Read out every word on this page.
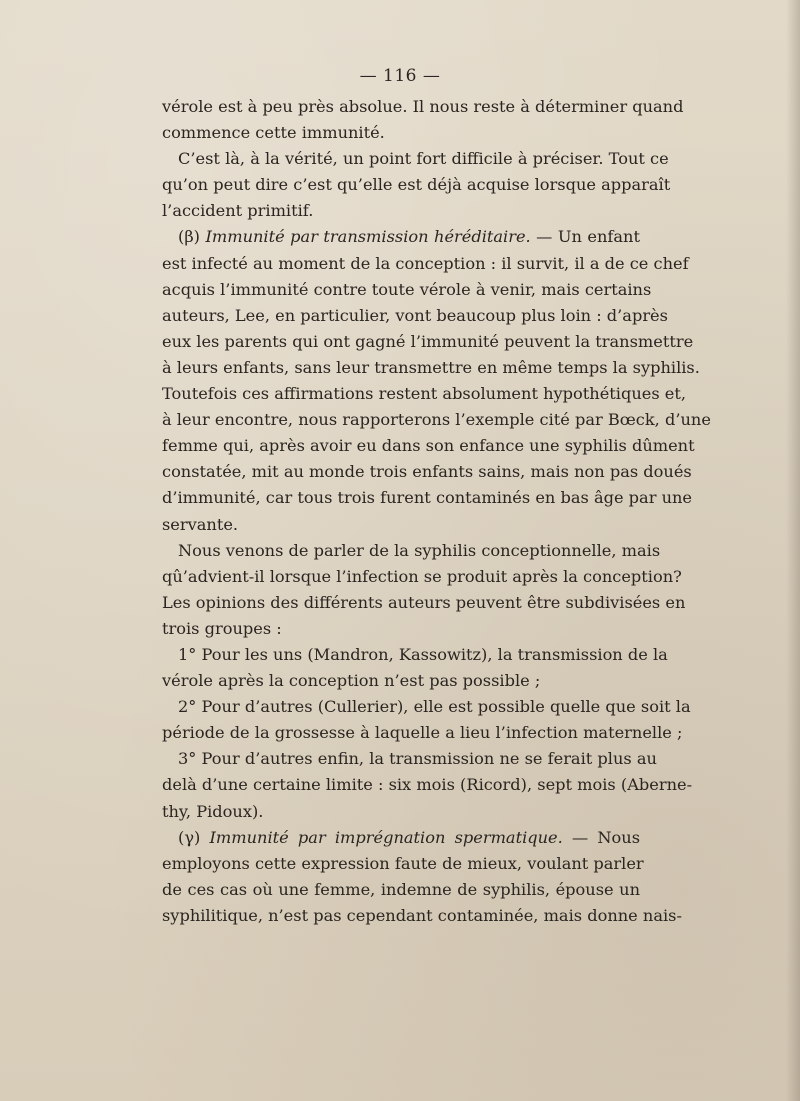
— 116 —
vérole est à peu près absolue. Il nous reste à déterminer quand
commence cette immunité.
C’est là, à la vérité, un point fort difficile à préciser. Tout ce
qu’on peut dire c’est qu’elle est déjà acquise lorsque apparaît
l’accident primitif.
(β) Immunité par transmission héréditaire. — Un enfant
est infecté au moment de la conception : il survit, il a de ce chef
acquis l’immunité contre toute vérole à venir, mais certains
auteurs, Lee, en particulier, vont beaucoup plus loin : d’après
eux les parents qui ont gagné l’immunité peuvent la transmettre
à leurs enfants, sans leur transmettre en même temps la syphilis.
Toutefois ces affirmations restent absolument hypothétiques et,
à leur encontre, nous rapporterons l’exemple cité par Bœck, d’une
femme qui, après avoir eu dans son enfance une syphilis dûment
constatée, mit au monde trois enfants sains, mais non pas doués
d’immunité, car tous trois furent contaminés en bas âge par une
servante.
Nous venons de parler de la syphilis conceptionnelle, mais
qû’advient-il lorsque l’infection se produit après la conception?
Les opinions des différents auteurs peuvent être subdivisées en
trois groupes :
1° Pour les uns (Mandron, Kassowitz), la transmission de la
vérole après la conception n’est pas possible ;
2° Pour d’autres (Cullerier), elle est possible quelle que soit la
période de la grossesse à laquelle a lieu l’infection maternelle ;
3° Pour d’autres enfin, la transmission ne se ferait plus au
delà d’une certaine limite : six mois (Ricord), sept mois (Aberne-
thy, Pidoux).
(γ) Immunité par imprégnation spermatique. — Nous
employons cette expression faute de mieux, voulant parler
de ces cas où une femme, indemne de syphilis, épouse un
syphilitique, n’est pas cependant contaminée, mais donne nais-
